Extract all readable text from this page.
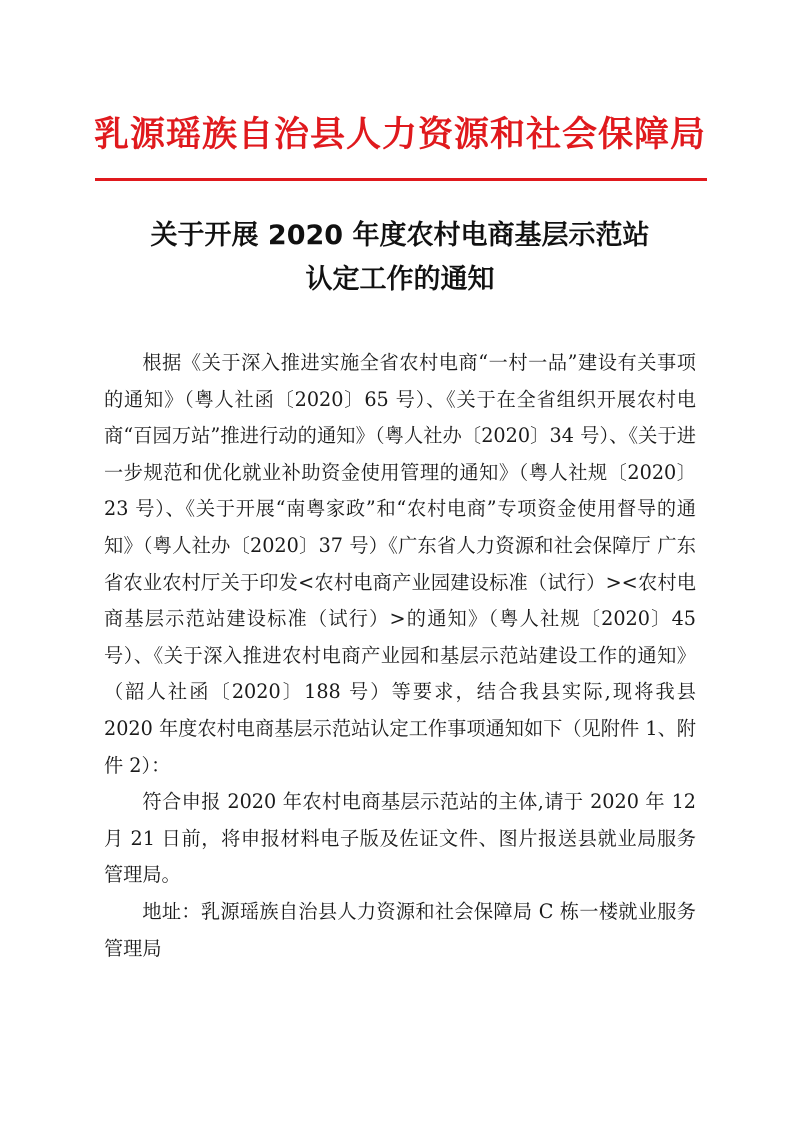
乳源瑶族自治县人力资源和社会保障局
关于开展 2020 年度农村电商基层示范站
认定工作的通知

根据《关于深入推进实施全省农村电商“一村一品”建设有关事项的通知》（粤人社函〔2020〕65 号）、《关于在全省组织开展农村电商“百园万站”推进行动的通知》（粤人社办〔2020〕34 号）、《关于进一步规范和优化就业补助资金使用管理的通知》（粤人社规〔2020〕23 号）、《关于开展“南粤家政”和“农村电商”专项资金使用督导的通知》（粤人社办〔2020〕37 号）《广东省人力资源和社会保障厅 广东省农业农村厅关于印发<农村电商产业园建设标准（试行）><农村电商基层示范站建设标准（试行）>的通知》（粤人社规〔2020〕45 号）、《关于深入推进农村电商产业园和基层示范站建设工作的通知》（韶人社函〔2020〕188 号）等要求，结合我县实际,现将我县 2020 年度农村电商基层示范站认定工作事项通知如下（见附件 1、附件 2）：

符合申报 2020 年农村电商基层示范站的主体,请于 2020 年 12 月 21 日前，将申报材料电子版及佐证文件、图片报送县就业局服务管理局。

地址：乳源瑶族自治县人力资源和社会保障局 C 栋一楼就业服务管理局
